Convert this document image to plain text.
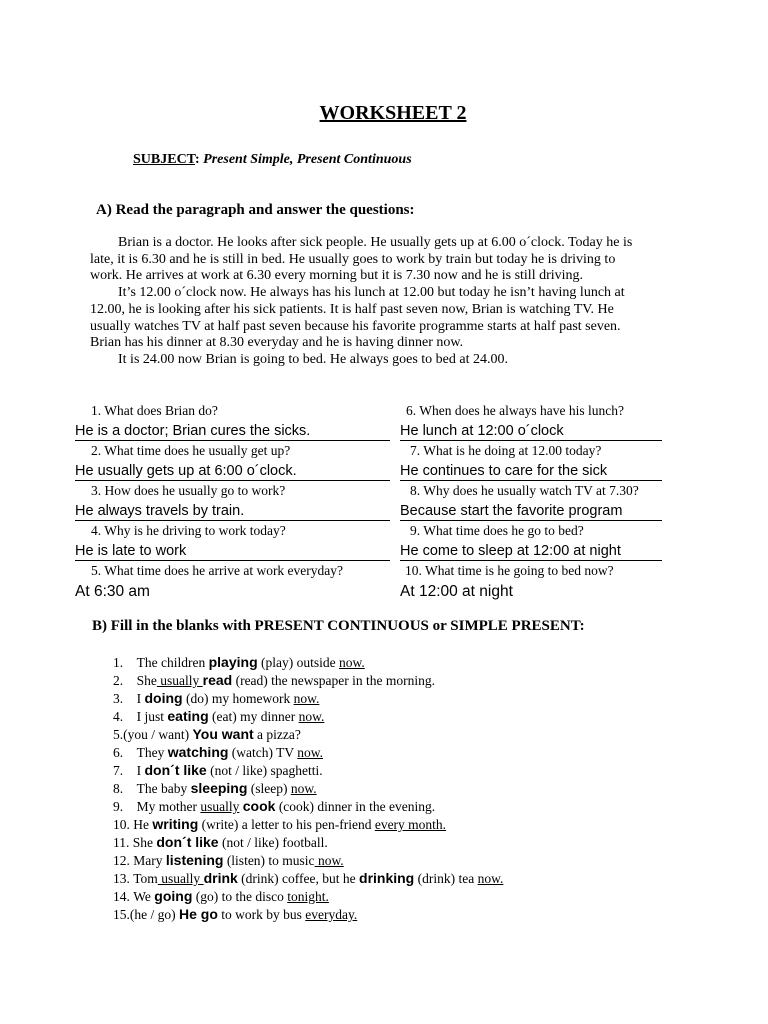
WORKSHEET 2
SUBJECT: Present Simple, Present Continuous
A) Read the paragraph and answer the questions:

Brian is a doctor. He looks after sick people. He usually gets up at 6.00 o´clock. Today he is

late, it is 6.30 and he is still in bed. He usually goes to work by train but today he is driving to

work. He arrives at work at 6.30 every morning but it is 7.30 now and he is still driving.

It’s 12.00 o´clock now. He always has his lunch at 12.00 but today he isn’t having lunch at

12.00, he is looking after his sick patients. It is half past seven now, Brian is watching TV. He

usually watches TV at half past seven because his favorite programme starts at half past seven.

Brian has his dinner at 8.30 everyday and he is having dinner now.

It is 24.00 now Brian is going to bed. He always goes to bed at 24.00.

1. What does Brian do?
He is a doctor; Brian cures the sicks.
2. What time does he usually get up?
He usually gets up at 6:00 o´clock.
3. How does he usually go to work?
He always travels by train.
4. Why is he driving to work today?
He is late to work
5. What time does he arrive at work everyday?
At 6:30 am
6. When does he always have his lunch?
He lunch at 12:00 o´clock
7. What is he doing at 12.00 today?
He continues to care for the sick
8. Why does he usually watch TV at 7.30?
Because start the favorite program
9. What time does he go to bed?
He come to sleep at 12:00 at night
10. What time is he going to bed now?
At 12:00 at night
B) Fill in the blanks with PRESENT CONTINUOUS or SIMPLE PRESENT:
1. The children playing (play) outside now.
2. She usually read (read) the newspaper in the morning.
3. I doing (do) my homework now.
4. I just eating (eat) my dinner now.
5.(you / want) You want a pizza?
6. They watching (watch) TV now.
7. I don´t like (not / like) spaghetti.
8. The baby sleeping (sleep) now.
9. My mother usually cook (cook) dinner in the evening.
10. He writing (write) a letter to his pen-friend every month.
11. She don´t like (not / like) football.
12. Mary listening (listen) to music now.
13. Tom usually drink (drink) coffee, but he drinking (drink) tea now.
14. We going (go) to the disco tonight.
15.(he / go) He go to work by bus everyday.
